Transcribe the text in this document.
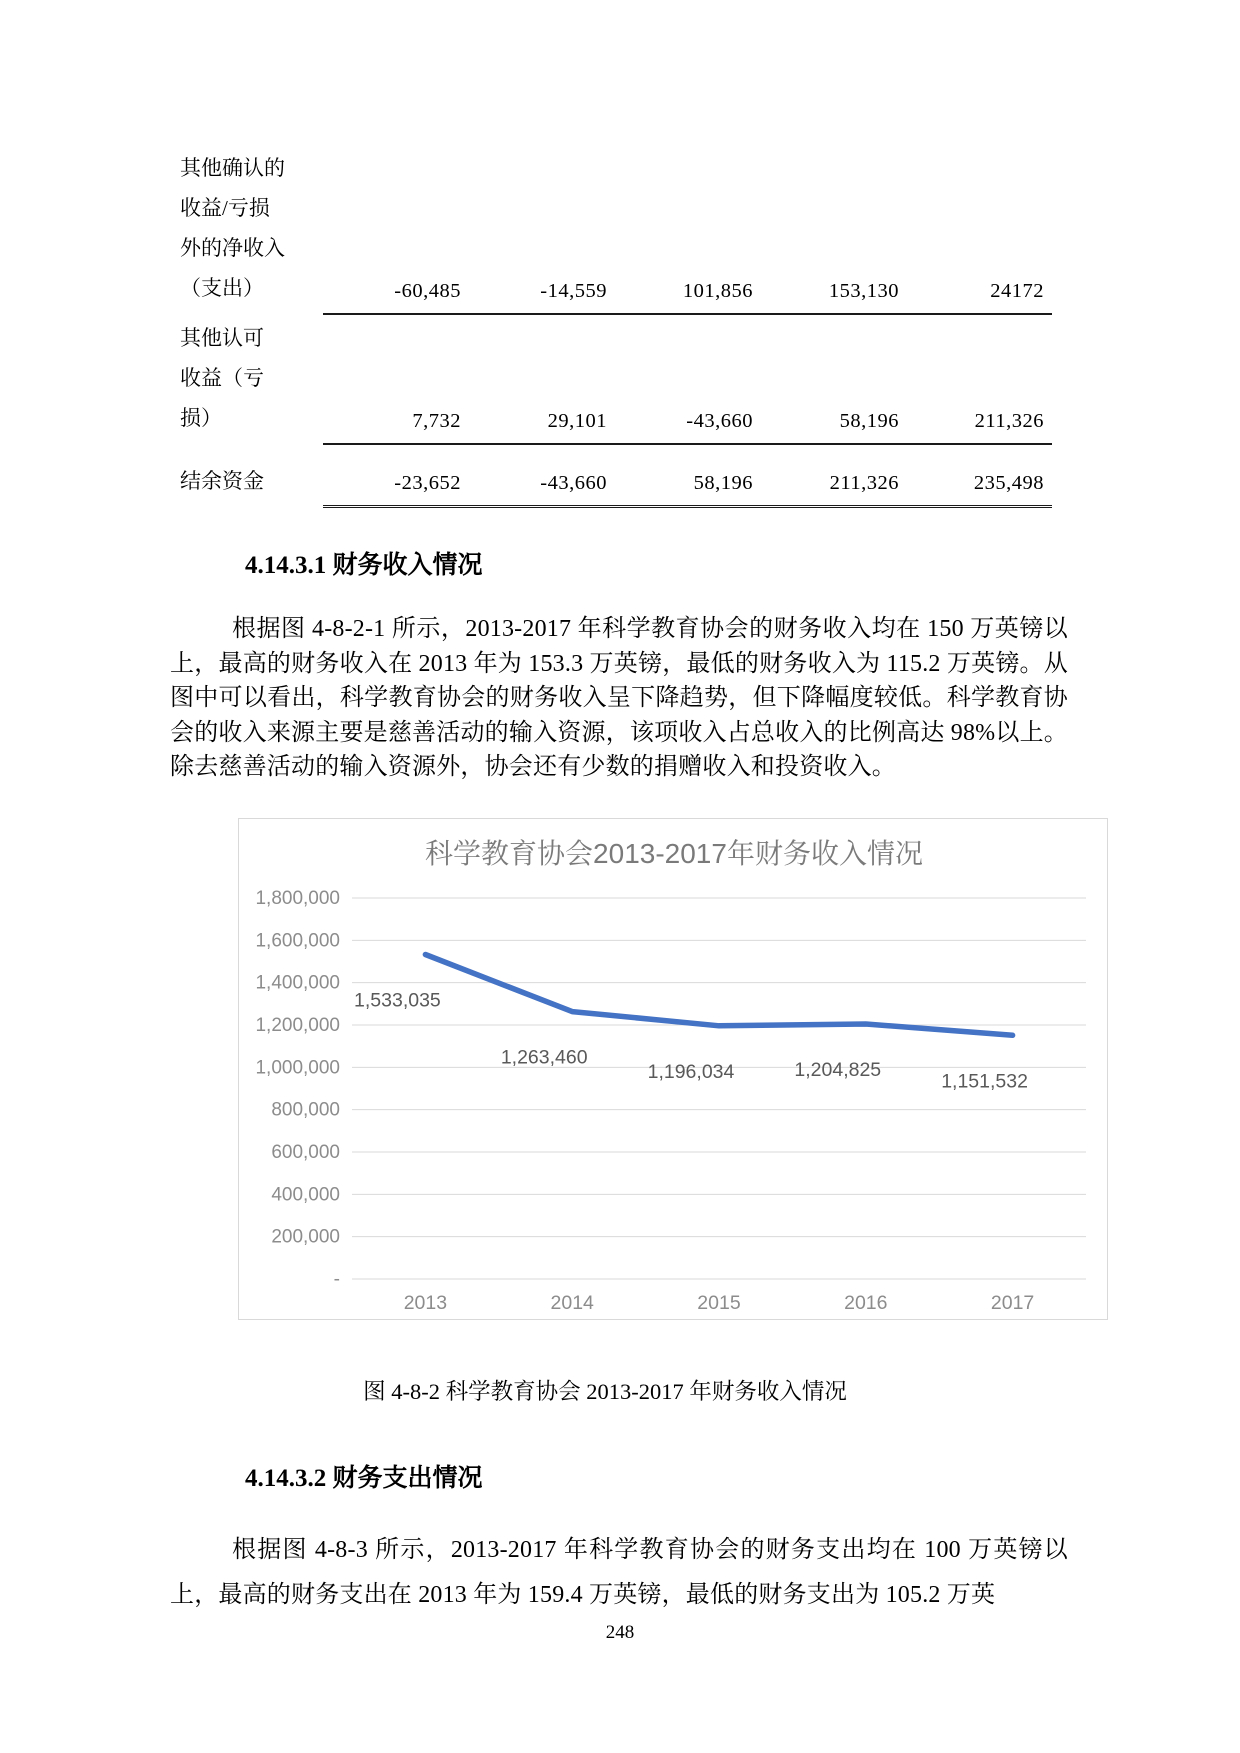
其他确认的
收益/亏损
外的净收入
（支出）	-60,485	-14,559	101,856	153,130	24172

其他认可
收益（亏
损）	7,732	29,101	-43,660	58,196	211,326

结余资金	-23,652	-43,660	58,196	211,326	235,498
4.14.3.1 财务收入情况
根据图 4-8-2-1 所示，2013-2017 年科学教育协会的财务收入均在 150 万英镑以上，最高的财务收入在 2013 年为 153.3 万英镑，最低的财务收入为 115.2 万英镑。从图中可以看出，科学教育协会的财务收入呈下降趋势，但下降幅度较低。科学教育协会的收入来源主要是慈善活动的输入资源，该项收入占总收入的比例高达 98%以上。除去慈善活动的输入资源外，协会还有少数的捐赠收入和投资收入。
科学教育协会2013-2017年财务收入情况
1,800,000
1,600,000
1,400,000
1,200,000
1,000,000
800,000
600,000
400,000
200,000
-
2013	2014	2015	2016	2017
1,533,035
1,263,460
1,196,034	1,204,825
1,151,532
图 4-8-2 科学教育协会 2013-2017 年财务收入情况
4.14.3.2 财务支出情况
根据图 4-8-3 所示，2013-2017 年科学教育协会的财务支出均在 100 万英镑以上，最高的财务支出在 2013 年为 159.4 万英镑，最低的财务支出为 105.2 万英
248
